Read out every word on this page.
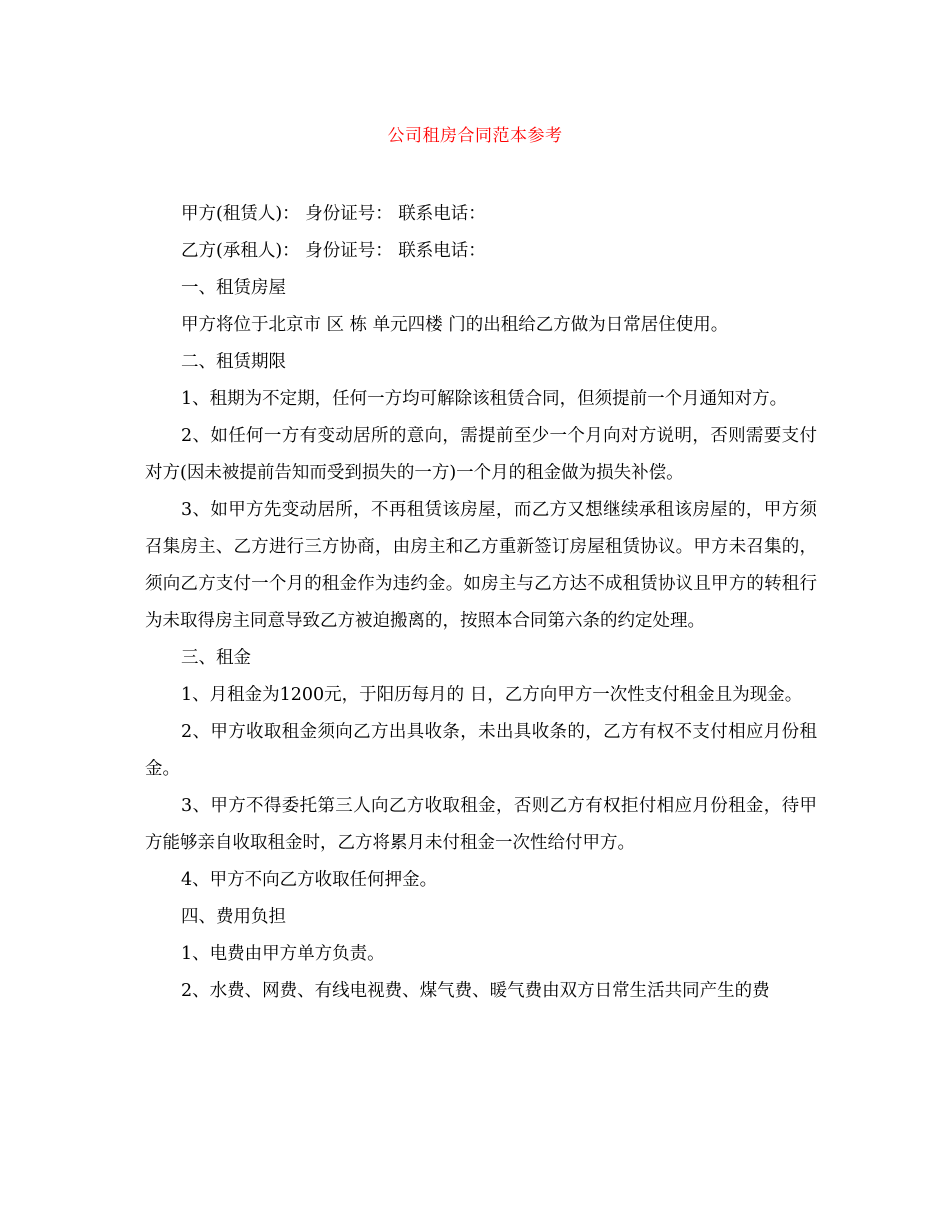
公司租房合同范本参考

甲方(租赁人)： 身份证号： 联系电话：

乙方(承租人)： 身份证号： 联系电话：

一、租赁房屋

甲方将位于北京市 区 栋 单元四楼 门的出租给乙方做为日常居住使用。

二、租赁期限

1、租期为不定期，任何一方均可解除该租赁合同，但须提前一个月通知对方。

2、如任何一方有变动居所的意向，需提前至少一个月向对方说明，否则需要支付对方(因未被提前告知而受到损失的一方)一个月的租金做为损失补偿。

3、如甲方先变动居所，不再租赁该房屋，而乙方又想继续承租该房屋的，甲方须召集房主、乙方进行三方协商，由房主和乙方重新签订房屋租赁协议。甲方未召集的，须向乙方支付一个月的租金作为违约金。如房主与乙方达不成租赁协议且甲方的转租行为未取得房主同意导致乙方被迫搬离的，按照本合同第六条的约定处理。

三、租金

1、月租金为1200元，于阳历每月的 日，乙方向甲方一次性支付租金且为现金。

2、甲方收取租金须向乙方出具收条，未出具收条的，乙方有权不支付相应月份租金。

3、甲方不得委托第三人向乙方收取租金，否则乙方有权拒付相应月份租金，待甲方能够亲自收取租金时，乙方将累月未付租金一次性给付甲方。

4、甲方不向乙方收取任何押金。

四、费用负担

1、电费由甲方单方负责。

2、水费、网费、有线电视费、煤气费、暖气费由双方日常生活共同产生的费
